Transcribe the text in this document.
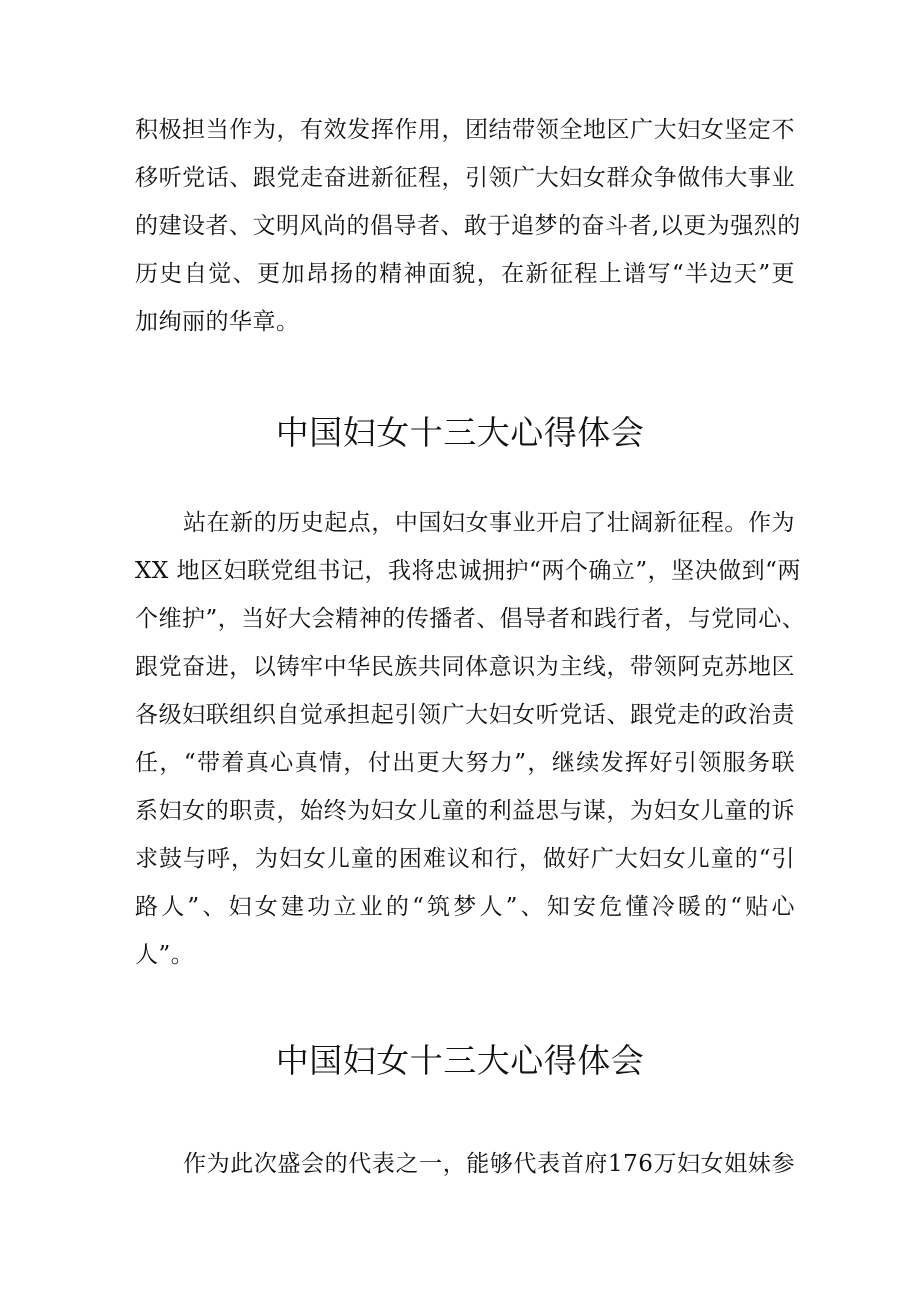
积极担当作为，有效发挥作用，团结带领全地区广大妇女坚定不
移听党话、跟党走奋进新征程，引领广大妇女群众争做伟大事业
的建设者、文明风尚的倡导者、敢于追梦的奋斗者,以更为强烈的
历史自觉、更加昂扬的精神面貌，在新征程上谱写“半边天”更
加绚丽的华章。
中国妇女十三大心得体会
站在新的历史起点，中国妇女事业开启了壮阔新征程。作为
XX 地区妇联党组书记，我将忠诚拥护“两个确立”，坚决做到“两
个维护”，当好大会精神的传播者、倡导者和践行者，与党同心、
跟党奋进，以铸牢中华民族共同体意识为主线，带领阿克苏地区
各级妇联组织自觉承担起引领广大妇女听党话、跟党走的政治责
任，“带着真心真情，付出更大努力”，继续发挥好引领服务联
系妇女的职责，始终为妇女儿童的利益思与谋，为妇女儿童的诉
求鼓与呼，为妇女儿童的困难议和行，做好广大妇女儿童的“引
路人”、妇女建功立业的“筑梦人”、知安危懂冷暖的“贴心
人”。
中国妇女十三大心得体会
作为此次盛会的代表之一，能够代表首府176万妇女姐妹参
